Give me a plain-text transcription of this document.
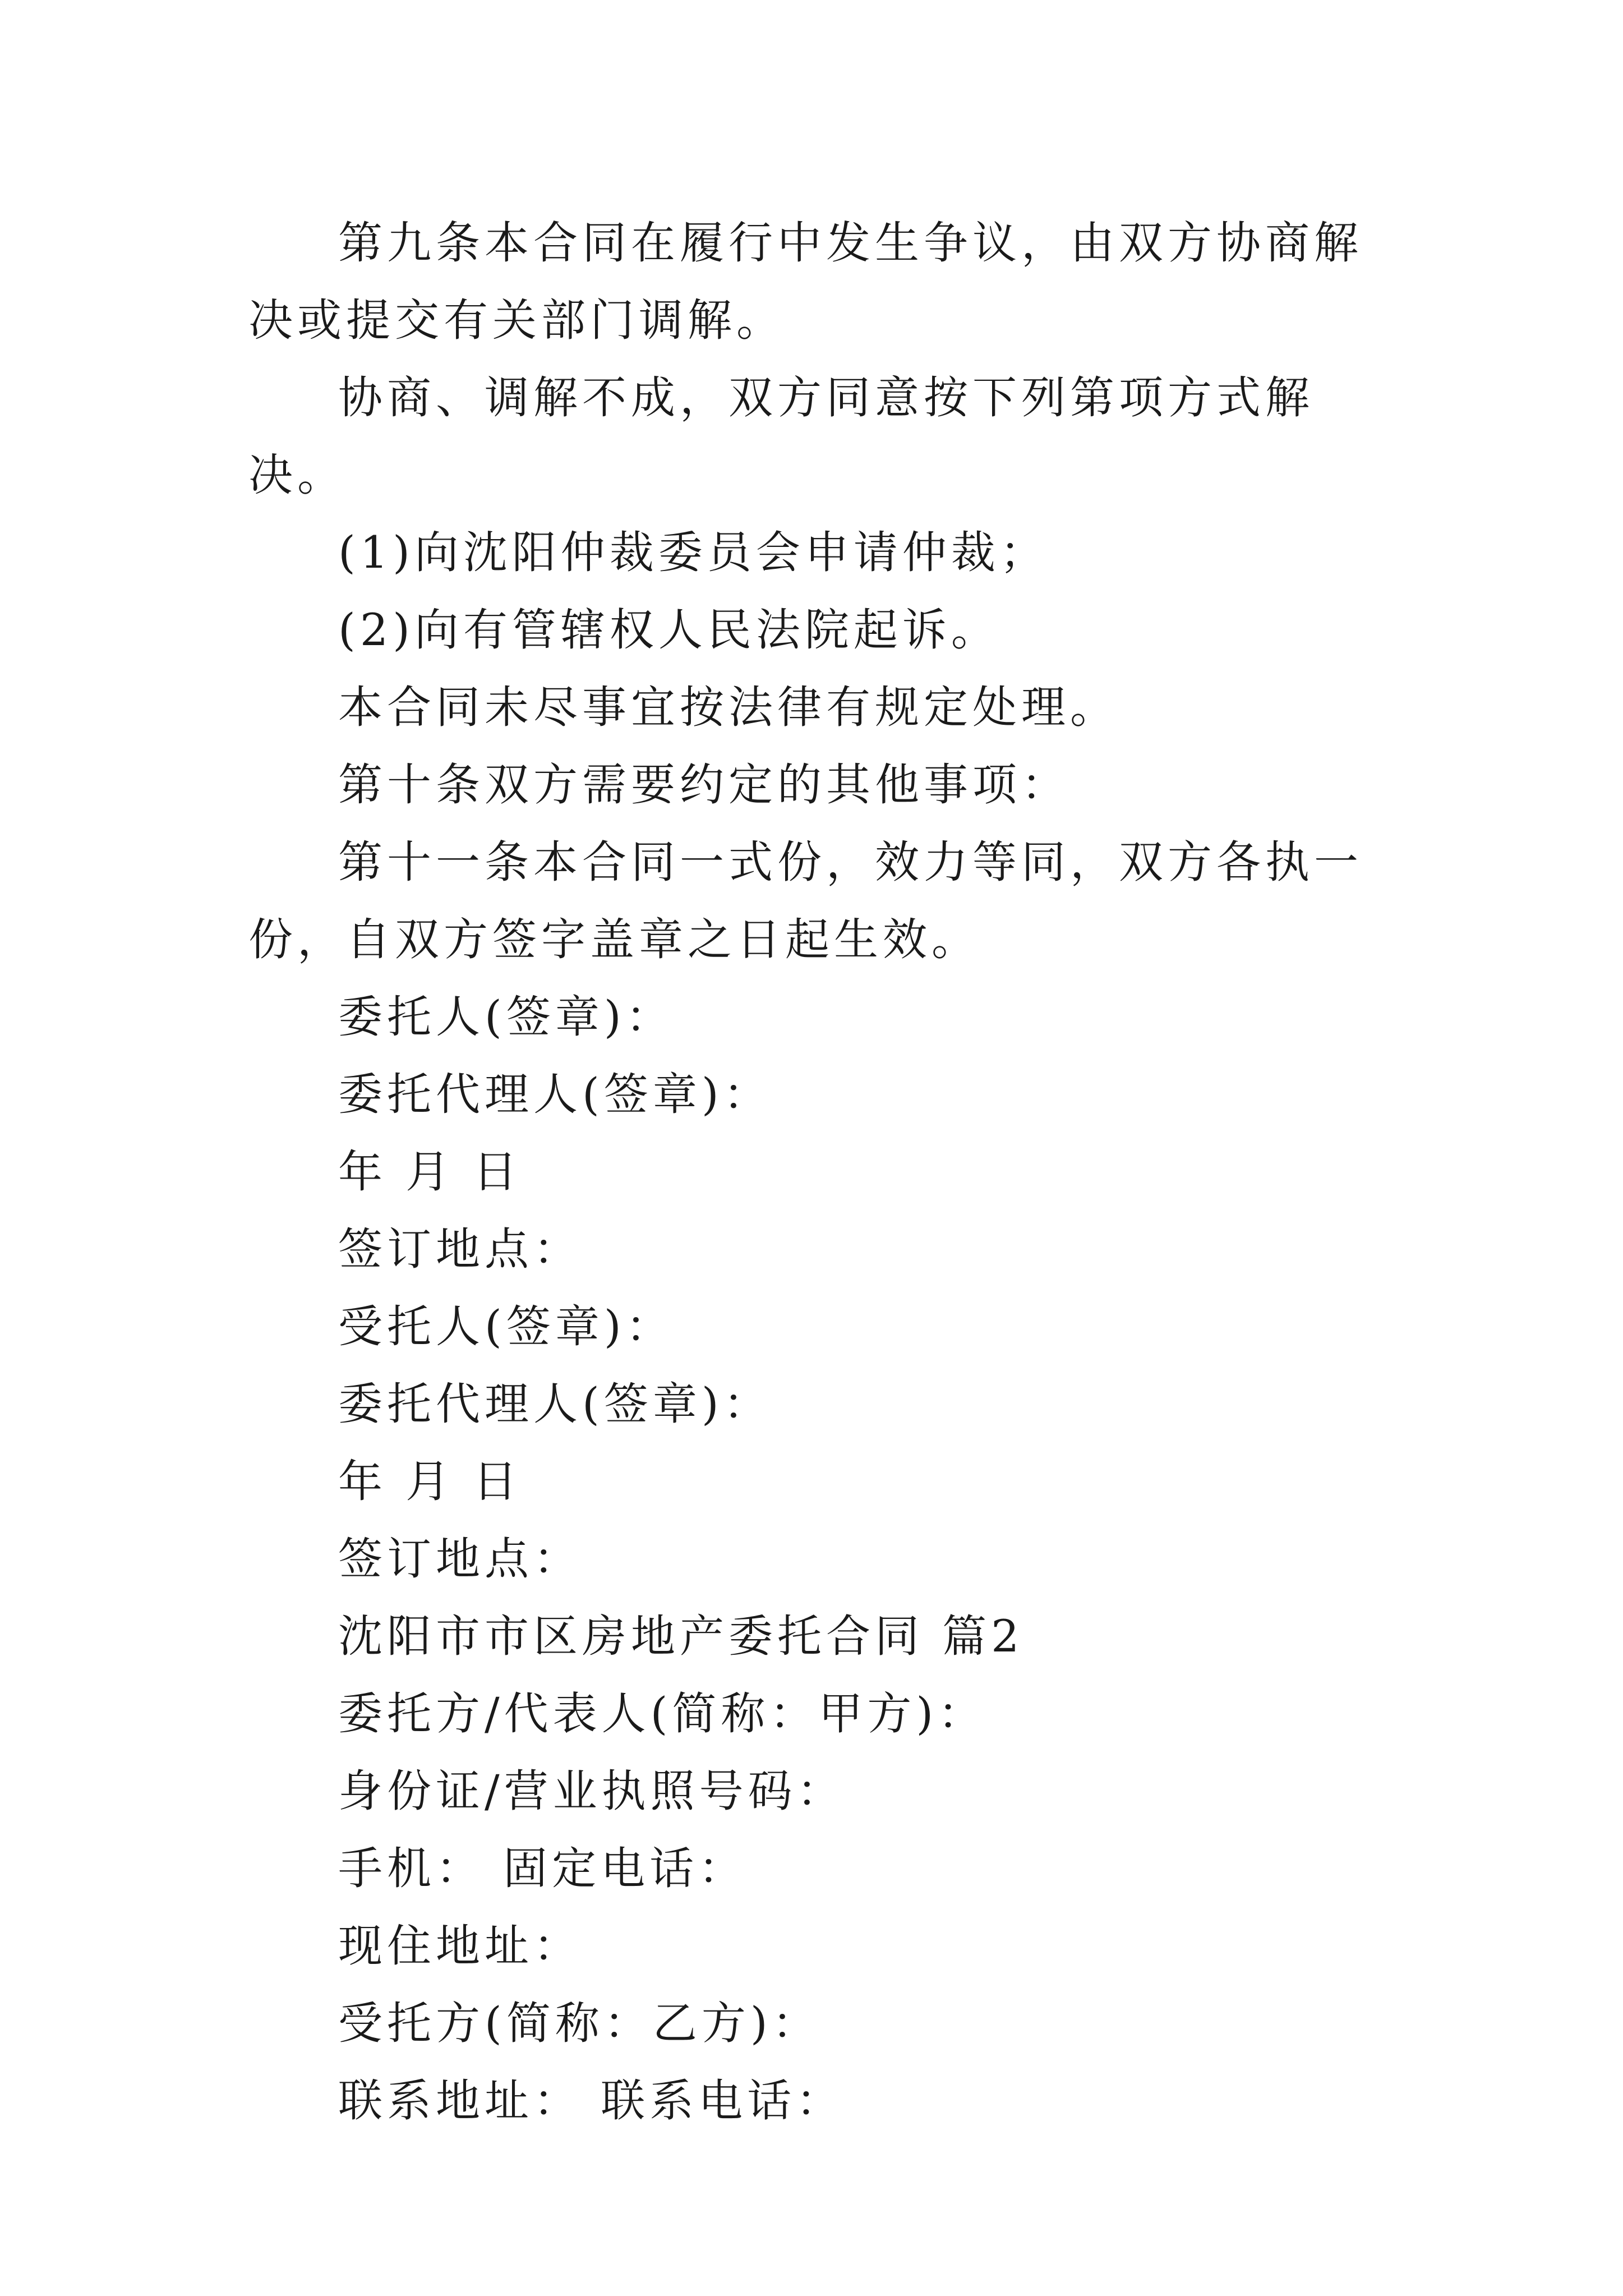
第九条本合同在履行中发生争议，由双方协商解决或提交有关部门调解。

协商、调解不成，双方同意按下列第项方式解决。

(1)向沈阳仲裁委员会申请仲裁；

(2)向有管辖权人民法院起诉。

本合同未尽事宜按法律有规定处理。

第十条双方需要约定的其他事项：

第十一条本合同一式份，效力等同，双方各执一份，自双方签字盖章之日起生效。

委托人(签章)：

委托代理人(签章)：

年 月 日

签订地点：

受托人(签章)：

委托代理人(签章)：

年 月 日

签订地点：

沈阳市市区房地产委托合同 篇2

委托方/代表人(简称：甲方)：

身份证/营业执照号码：

手机： 固定电话：

现住地址：

受托方(简称：乙方)：

联系地址： 联系电话：
